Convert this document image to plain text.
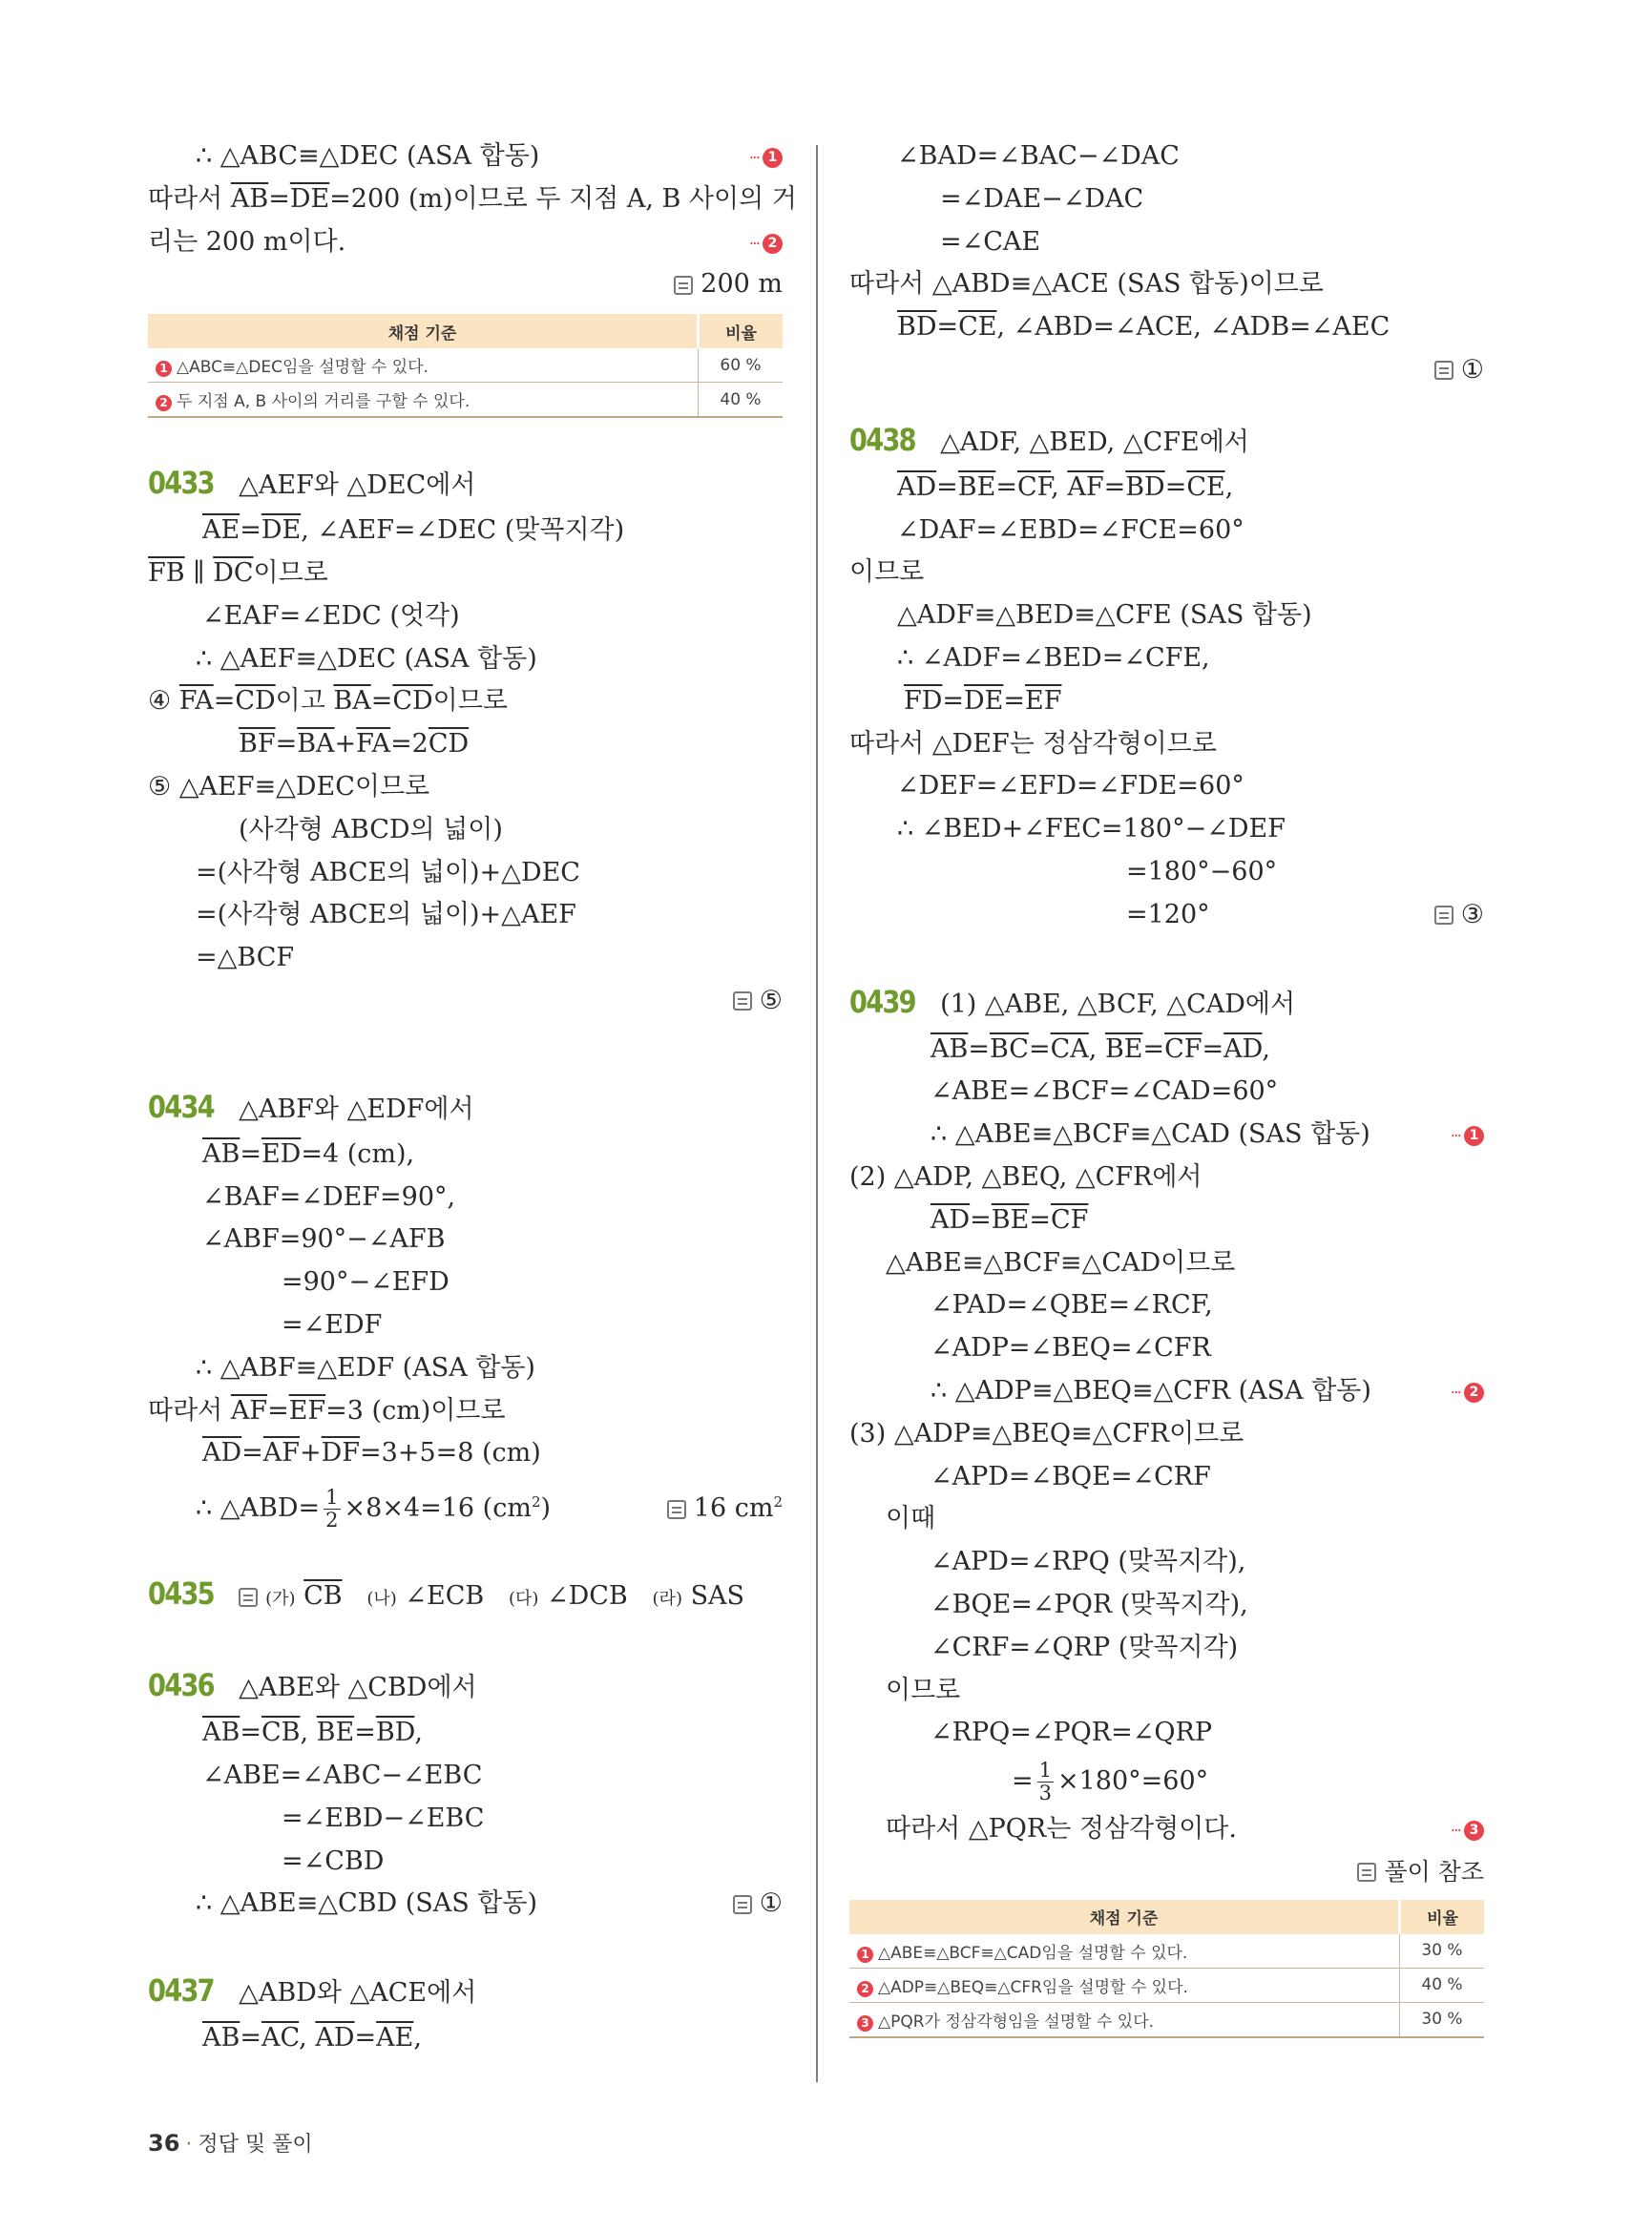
∴ △ABC≡△DEC (ASA 합동)	··· 1
따라서 $\overline{AB}=\overline{DE}=200$ (m)이므로 두 지점 A, B 사이의 거
리는 200 m이다.	··· 2
200 m
채점 기준	비율
1 △ABC≡△DEC임을 설명할 수 있다.	60 %
2 두 지점 A, B 사이의 거리를 구할 수 있다.	40 %
0433 △AEF와 △DEC에서
$\overline{AE}=\overline{DE}$, ∠AEF=∠DEC (맞꼭지각)
$\overline{FB}$ ∥ $\overline{DC}$이므로
∠EAF=∠EDC (엇각)
∴ △AEF≡△DEC (ASA 합동)
④ $\overline{FA}=\overline{CD}$이고 $\overline{BA}=\overline{CD}$이므로
$\overline{BF}=\overline{BA}+\overline{FA}=2\overline{CD}$
⑤ △AEF≡△DEC이므로
(사각형 ABCD의 넓이)
=(사각형 ABCE의 넓이)+△DEC
=(사각형 ABCE의 넓이)+△AEF
=△BCF
⑤
0434 △ABF와 △EDF에서
$\overline{AB}=\overline{ED}=4$ (cm),
∠BAF=∠DEF=90°,
∠ABF=90°−∠AFB
=90°−∠EFD
=∠EDF
∴ △ABF≡△EDF (ASA 합동)
따라서 $\overline{AF}=\overline{EF}=3$ (cm)이므로
$\overline{AD}=\overline{AF}+\overline{DF}=3+5=8$ (cm)
∴ △ABD= $\frac{1}{2} \times 8\times 4=16$ $(cm^2)$	16 $cm^2$
0435	(가) $\overline{CB}$ (나) ∠ECB (다) ∠DCB (라) SAS
0436 △ABE와 △CBD에서
$\overline{AB}=\overline{CB}$, $\overline{BE}=\overline{BD}$,
∠ABE=∠ABC−∠EBC
=∠EBD−∠EBC
=∠CBD
∴ △ABE≡△CBD (SAS 합동)	①
0437 △ABD와 △ACE에서
$\overline{AB}=\overline{AC}$, $\overline{AD}=\overline{AE}$,
∠BAD=∠BAC−∠DAC
=∠DAE−∠DAC
=∠CAE
따라서 △ABD≡△ACE (SAS 합동)이므로
$\overline{BD}=\overline{CE}$, ∠ABD=∠ACE, ∠ADB=∠AEC
①
0438 △ADF, △BED, △CFE에서
$\overline{AD}=\overline{BE}=\overline{CF}$, $\overline{AF}=\overline{BD}=\overline{CE}$,
∠DAF=∠EBD=∠FCE=60°
이므로
△ADF≡△BED≡△CFE (SAS 합동)
∴ ∠ADF=∠BED=∠CFE,
$\overline{FD}=\overline{DE}=\overline{EF}$
따라서 △DEF는 정삼각형이므로
∠DEF=∠EFD=∠FDE=60°
∴ ∠BED+∠FEC=180°−∠DEF
=180°−60°
=120°	③
0439 (1) △ABE, △BCF, △CAD에서
$\overline{AB}=\overline{BC}=\overline{CA}$, $\overline{BE}=\overline{CF}=\overline{AD}$,
∠ABE=∠BCF=∠CAD=60°
∴ △ABE≡△BCF≡△CAD (SAS 합동)	··· 1
(2) △ADP, △BEQ, △CFR에서
$\overline{AD}=\overline{BE}=\overline{CF}$
△ABE≡△BCF≡△CAD이므로
∠PAD=∠QBE=∠RCF,
∠ADP=∠BEQ=∠CFR
∴ △ADP≡△BEQ≡△CFR (ASA 합동)	··· 2
(3) △ADP≡△BEQ≡△CFR이므로
∠APD=∠BQE=∠CRF
이때
∠APD=∠RPQ (맞꼭지각),
∠BQE=∠PQR (맞꼭지각),
∠CRF=∠QRP (맞꼭지각)
이므로
∠RPQ=∠PQR=∠QRP
= $\frac{1}{3} \times 180^\circ=60^\circ$
따라서 △PQR는 정삼각형이다.	··· 3
풀이 참조
채점 기준	비율
1 △ABE≡△BCF≡△CAD임을 설명할 수 있다.	30 %
2 △ADP≡△BEQ≡△CFR임을 설명할 수 있다.	40 %
3 △PQR가 정삼각형임을 설명할 수 있다.	30 %
36 · 정답 및 풀이
